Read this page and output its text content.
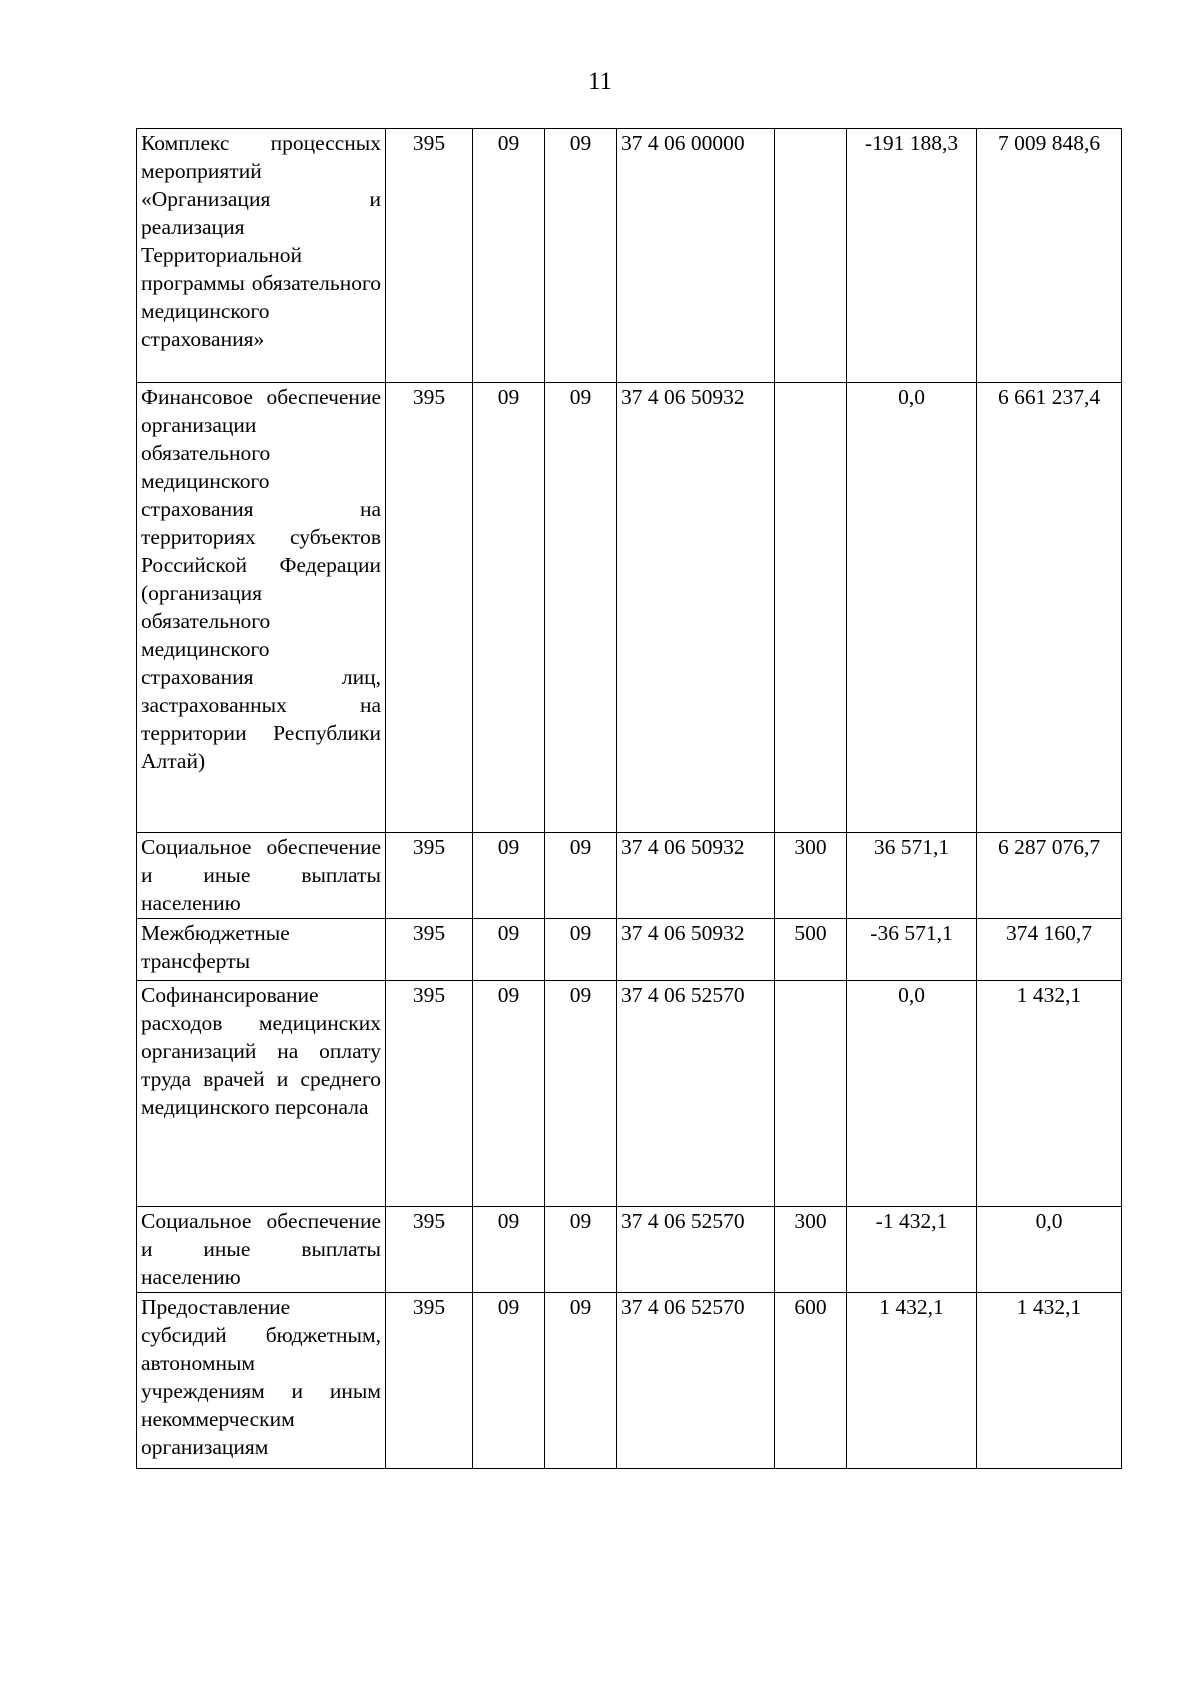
11
Комплекс процессных мероприятий «Организация и реализация Территориальной программы обязательного медицинского страхования»	395	09	09	37 4 06 00000		-191 188,3	7 009 848,6
Финансовое обеспечение организации обязательного медицинского страхования на территориях субъектов Российской Федерации (организация обязательного медицинского страхования лиц, застрахованных на территории Республики Алтай)	395	09	09	37 4 06 50932		0,0	6 661 237,4
Социальное обеспечение и иные выплаты населению	395	09	09	37 4 06 50932	300	36 571,1	6 287 076,7
Межбюджетные трансферты	395	09	09	37 4 06 50932	500	-36 571,1	374 160,7
Софинансирование расходов медицинских организаций на оплату труда врачей и среднего медицинского персонала	395	09	09	37 4 06 52570		0,0	1 432,1
Социальное обеспечение и иные выплаты населению	395	09	09	37 4 06 52570	300	-1 432,1	0,0
Предоставление субсидий бюджетным, автономным учреждениям и иным некоммерческим организациям	395	09	09	37 4 06 52570	600	1 432,1	1 432,1
